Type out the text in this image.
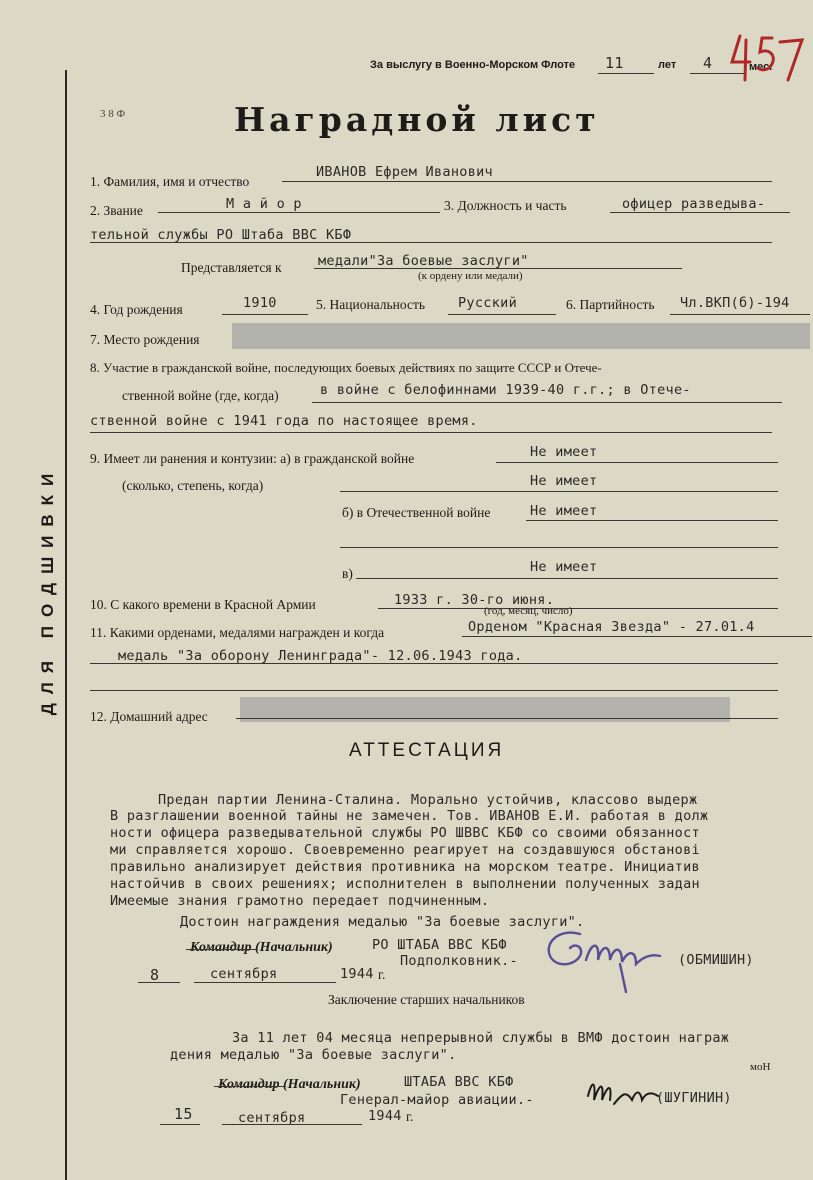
ДЛЯ ПОДШИВКИ
За выслугу в Военно-Морском Флоте 11	лет 4	мес.
3 8 Ф	Наградной лист
1. Фамилия, имя и отчество
ИВАНОВ Ефрем Иванович
2. Звание	М а й о р	3. Должность и часть	офицер разведыва-
тельной службы РО Штаба ВВС КБФ
Представляется к	медали"За боевые заслуги"
(к ордену или медали)
4. Год рождения	1910	5. Национальность Русский	6. Партийность Чл.ВКП(б)-194
7. Место рождения
8. Участие в гражданской войне, последующих боевых действиях по защите СССР и Отече-
ственной войне (где, когда)	в войне с белофиннами 1939-40 г.г.; в Отече-
ственной войне с 1941 года по настоящее время.
9. Имеет ли ранения и контузии: а) в гражданской войне	Не имеет
(сколько, степень, когда)	Не имеет
б) в Отечественной войне	Не имеет
в)	Не имеет
10. С какого времени в Красной Армии	1933 г. 30-го июня.
(год, месяц, число)
11. Какими орденами, медалями награжден и когда	Орденом "Красная Звезда" - 27.01.4
медаль "За оборону Ленинграда"- 12.06.1943 года.
12. Домашний адрес
АТТЕСТАЦИЯ
Предан партии Ленина-Сталина. Морально устойчив, классово выдерж
В разглашении военной тайны не замечен. Тов. ИВАНОВ Е.И. работая в долж
ности офицера разведывательной службы РО ШВВС КБФ со своими обязанност
ми справляется хорошо. Своевременно реагирует на создавшуюся обстанові
правильно анализирует действия противника на морском театре. Инициатив
настойчив в своих решениях; исполнителен в выполнении полученных задан
Имеемые знания грамотно передает подчиненным.
Достоин награждения медалью "За боевые заслуги".
Командир (Начальник)	РО ШТАБА ВВС КБФ
Подполковник.-	(ОБМИШИН)
8	сентября	1944 г.
Заключение старших начальников
За 11 лет 04 месяца непрерывной службы в ВМФ достоин награж
дения медалью "За боевые заслуги".
моН
Командир (Начальник)	ШТАБА ВВС КБФ
Генерал-майор авиации.-	(ШУГИНИН)
15	сентября	1944 г.
